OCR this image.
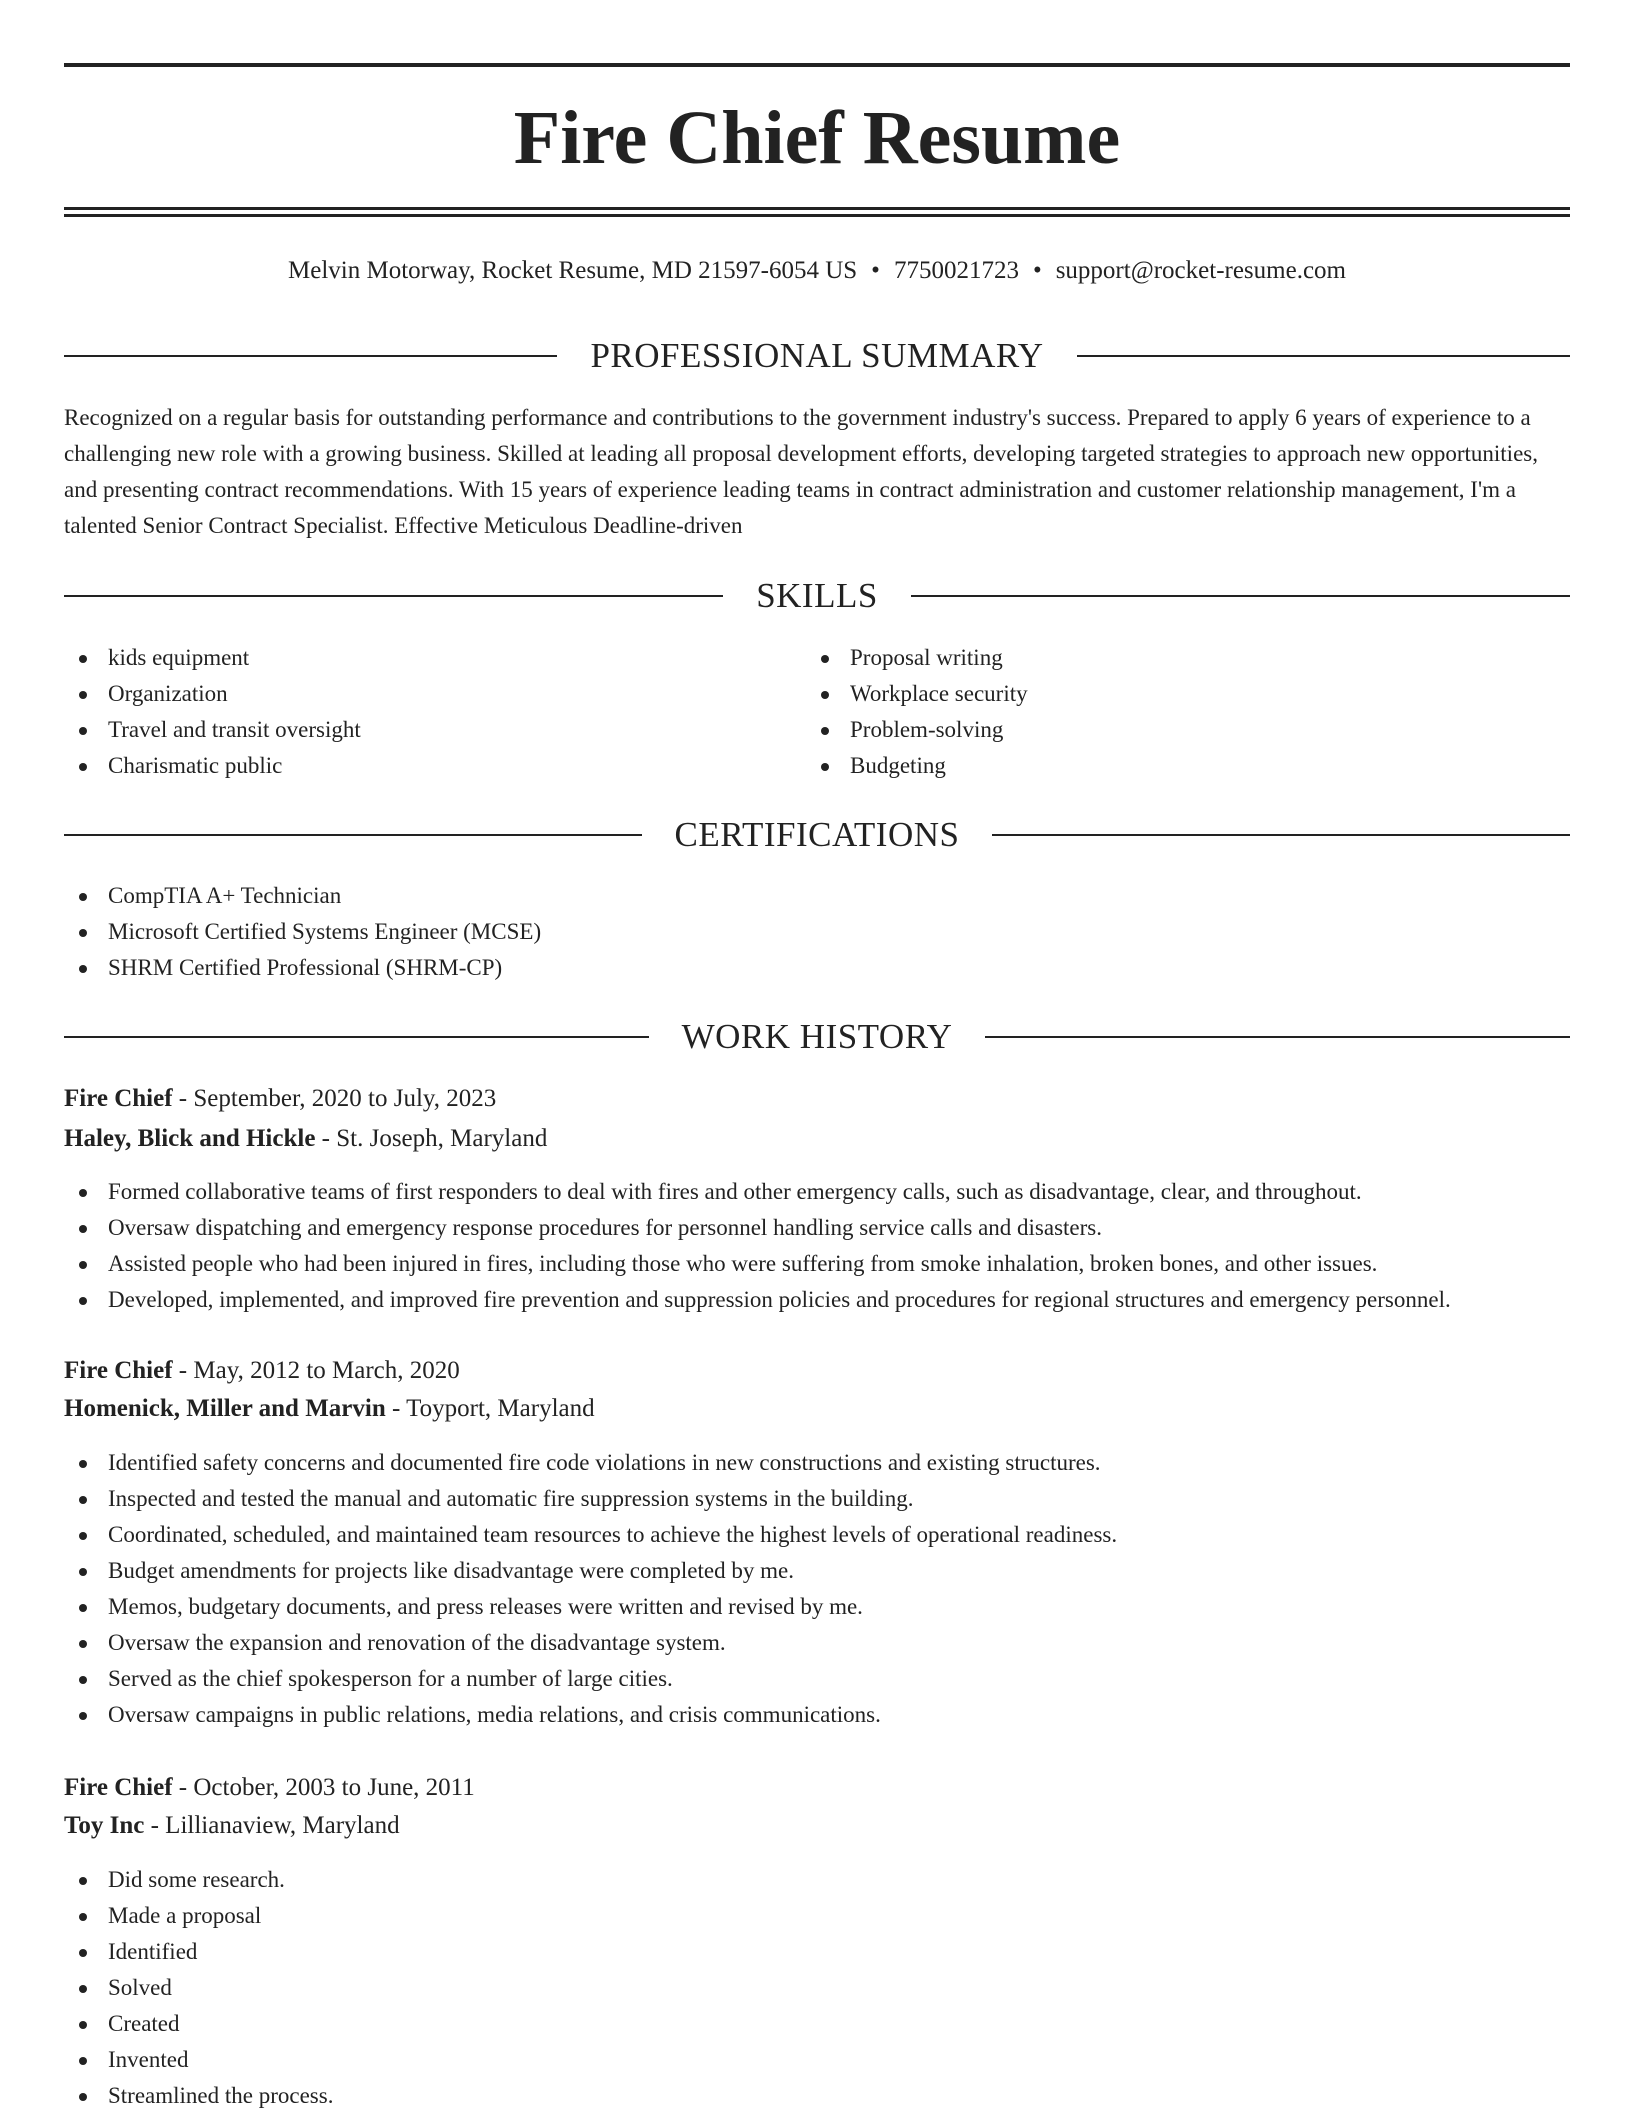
Fire Chief Resume
Melvin Motorway, Rocket Resume, MD 21597-6054 US • 7750021723 • support@rocket-resume.com
PROFESSIONAL SUMMARY

Recognized on a regular basis for outstanding performance and contributions to the government industry's success. Prepared to apply 6 years of experience to a challenging new role with a growing business. Skilled at leading all proposal development efforts, developing targeted strategies to approach new opportunities, and presenting contract recommendations. With 15 years of experience leading teams in contract administration and customer relationship management, I'm a talented Senior Contract Specialist. Effective Meticulous Deadline-driven

SKILLS
kids equipment
Organization
Travel and transit oversight
Charismatic public
Proposal writing
Workplace security
Problem-solving
Budgeting
CERTIFICATIONS
CompTIA A+ Technician
Microsoft Certified Systems Engineer (MCSE)
SHRM Certified Professional (SHRM-CP)
WORK HISTORY
Fire Chief - September, 2020 to July, 2023
Haley, Blick and Hickle - St. Joseph, Maryland
Formed collaborative teams of first responders to deal with fires and other emergency calls, such as disadvantage, clear, and throughout.
Oversaw dispatching and emergency response procedures for personnel handling service calls and disasters.
Assisted people who had been injured in fires, including those who were suffering from smoke inhalation, broken bones, and other issues.
Developed, implemented, and improved fire prevention and suppression policies and procedures for regional structures and emergency personnel.
Fire Chief - May, 2012 to March, 2020
Homenick, Miller and Marvin - Toyport, Maryland
Identified safety concerns and documented fire code violations in new constructions and existing structures.
Inspected and tested the manual and automatic fire suppression systems in the building.
Coordinated, scheduled, and maintained team resources to achieve the highest levels of operational readiness.
Budget amendments for projects like disadvantage were completed by me.
Memos, budgetary documents, and press releases were written and revised by me.
Oversaw the expansion and renovation of the disadvantage system.
Served as the chief spokesperson for a number of large cities.
Oversaw campaigns in public relations, media relations, and crisis communications.
Fire Chief - October, 2003 to June, 2011
Toy Inc - Lillianaview, Maryland
Did some research.
Made a proposal
Identified
Solved
Created
Invented
Streamlined the process.
